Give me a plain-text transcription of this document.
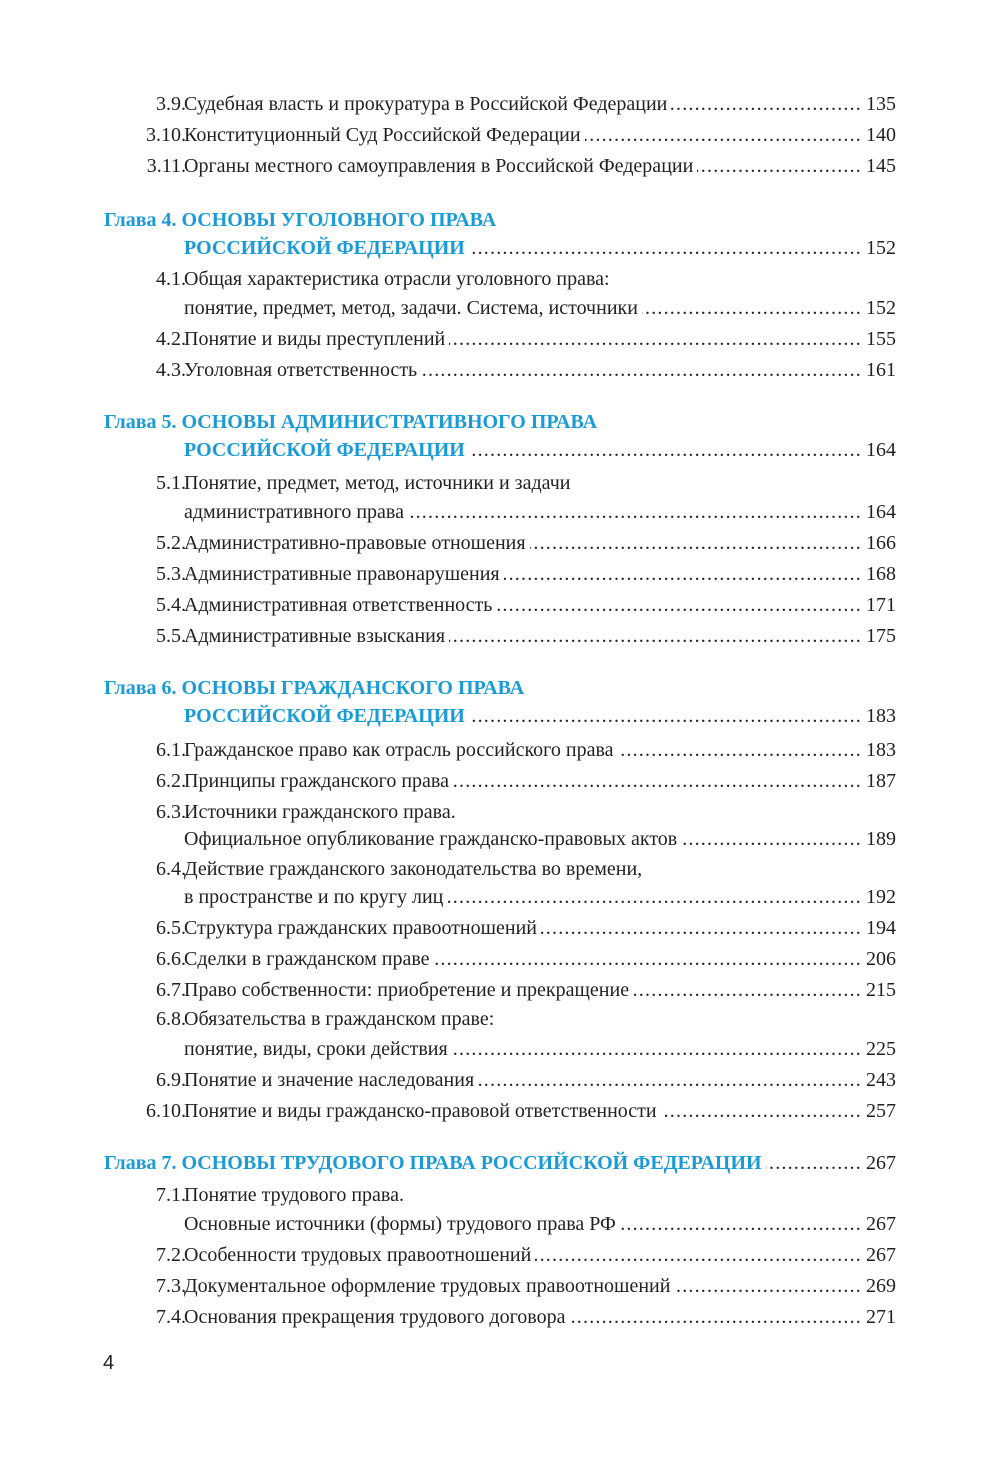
3.9.
Судебная власть и прокуратура в Российской Федерации .....	135
3.10.
Конституционный Суд Российской Федерации .....	140
3.11.
Органы местного самоуправления в Российской Федерации .....	145
Глава 4. ОСНОВЫ УГОЛОВНОГО ПРАВА
РОССИЙСКОЙ ФЕДЕРАЦИИ .....	152
4.1.
Общая характеристика отрасли уголовного права:
понятие, предмет, метод, задачи. Система, источники .....	152
4.2.
Понятие и виды преступлений .....	155
4.3.
Уголовная ответственность .....	161
Глава 5. ОСНОВЫ АДМИНИСТРАТИВНОГО ПРАВА
РОССИЙСКОЙ ФЕДЕРАЦИИ .....	164
5.1.
Понятие, предмет, метод, источники и задачи
административного права .....	164
5.2.
Административно-правовые отношения .....	166
5.3.
Административные правонарушения .....	168
5.4.
Административная ответственность .....	171
5.5.
Административные взыскания .....	175
Глава 6. ОСНОВЫ ГРАЖДАНСКОГО ПРАВА
РОССИЙСКОЙ ФЕДЕРАЦИИ .....	183
6.1.
Гражданское право как отрасль российского права .....	183
6.2.
Принципы гражданского права .....	187
6.3.
Источники гражданского права.
Официальное опубликование гражданско-правовых актов .....	189
6.4.
Действие гражданского законодательства во времени,
в пространстве и по кругу лиц .....	192
6.5.
Структура гражданских правоотношений .....	194
6.6.
Сделки в гражданском праве .....	206
6.7.
Право собственности: приобретение и прекращение .....	215
6.8.
Обязательства в гражданском праве:
понятие, виды, сроки действия .....	225
6.9.
Понятие и значение наследования .....	243
6.10.
Понятие и виды гражданско-правовой ответственности .....	257
Глава 7. ОСНОВЫ ТРУДОВОГО ПРАВА РОССИЙСКОЙ ФЕДЕРАЦИИ .....	267
7.1.
Понятие трудового права.
Основные источники (формы) трудового права РФ .....	267
7.2.
Особенности трудовых правоотношений .....	267
7.3.
Документальное оформление трудовых правоотношений .....	269
7.4.
Основания прекращения трудового договора .....	271
4
